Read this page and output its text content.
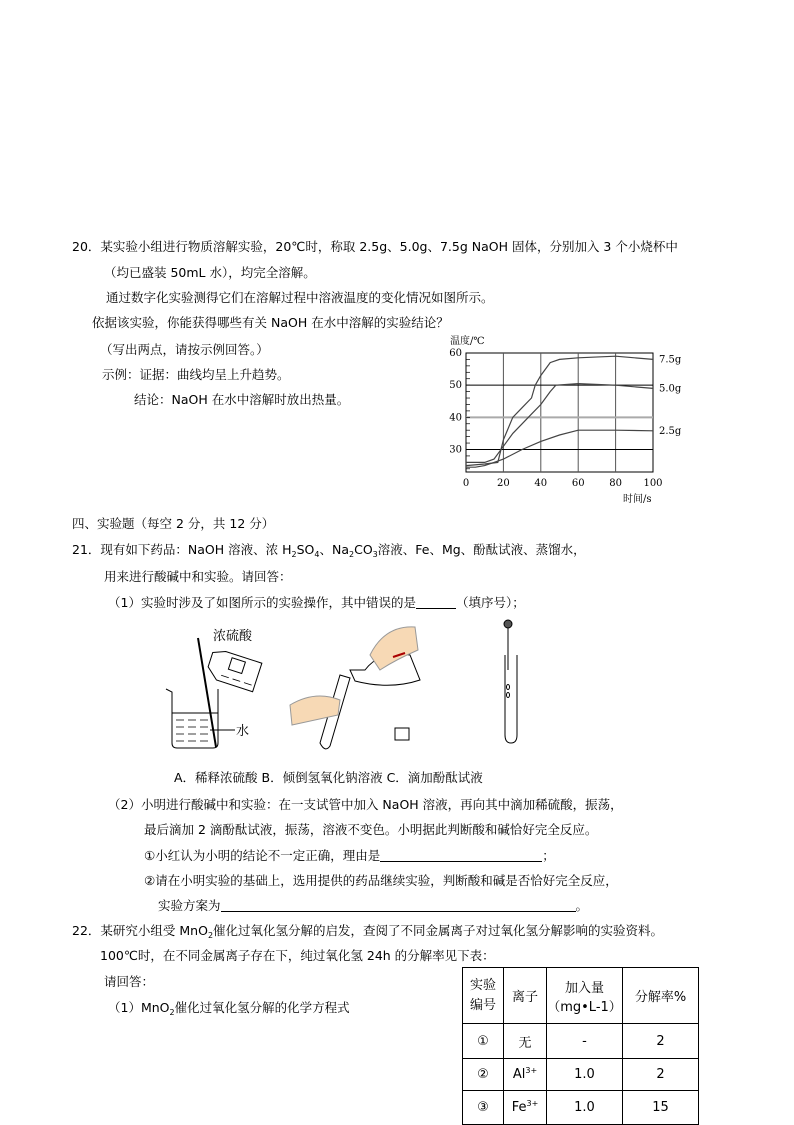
20．某实验小组进行物质溶解实验，20℃时，称取 2.5g、5.0g、7.5g NaOH 固体，分别加入 3 个小烧杯中
（均已盛装 50mL 水），均完全溶解。
通过数字化实验测得它们在溶解过程中溶液温度的变化情况如图所示。
依据该实验，你能获得哪些有关 NaOH 在水中溶解的实验结论？
（写出两点，请按示例回答。）
示例：证据：曲线均呈上升趋势。
结论：NaOH 在水中溶解时放出热量。
0	20 40 60 80 100
30
40
50
60
温度/℃
时间/s
7.5g
5.0g
2.5g
四、实验题（每空 2 分，共 12 分）
21．现有如下药品：NaOH 溶液、浓 $H_2SO_4$、$Na_2CO_3$溶液、Fe、Mg、酚酞试液、蒸馏水，
用来进行酸碱中和实验。请回答：
（1）实验时涉及了如图所示的实验操作，其中错误的是	（填序号）；
浓硫酸
水
A．稀释浓硫酸 B．倾倒氢氧化钠溶液 C．滴加酚酞试液
（2）小明进行酸碱中和实验：在一支试管中加入 NaOH 溶液，再向其中滴加稀硫酸，振荡，
最后滴加 2 滴酚酞试液，振荡，溶液不变色。小明据此判断酸和碱恰好完全反应。
①小红认为小明的结论不一定正确，理由是	；
②请在小明实验的基础上，选用提供的药品继续实验，判断酸和碱是否恰好完全反应，
实验方案为	。
22．某研究小组受 MnO$_2$催化过氧化氢分解的启发，查阅了不同金属离子对过氧化氢分解影响的实验资料。
100℃时，在不同金属离子存在下，纯过氧化氢 24h 的分解率见下表：
请回答：
（1）MnO$_2$催化过氧化氢分解的化学方程式
实验编号	离子	加入量
（mg•L-1）	分解率%
①	无	-	2
②	$Al^{3+}$	1.0	2
③	$Fe^{3+}$	1.0	15
